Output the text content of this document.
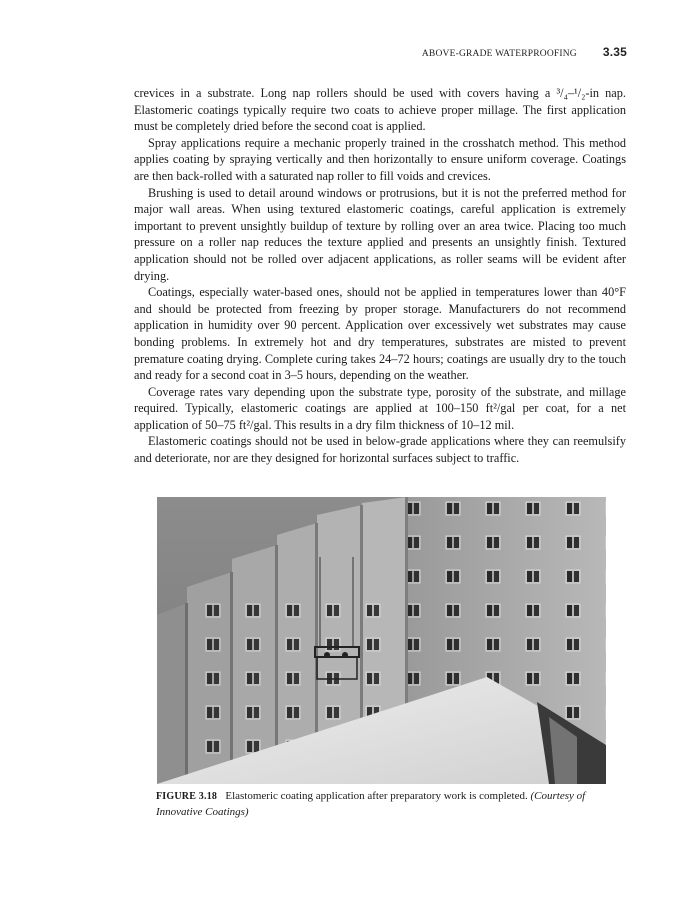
ABOVE-GRADE WATERPROOFING 3.35

crevices in a substrate. Long nap rollers should be used with covers having a ³/₄–¹/₂-in nap. Elastomeric coatings typically require two coats to achieve proper millage. The first application must be completely dried before the second coat is applied.

Spray applications require a mechanic properly trained in the crosshatch method. This method applies coating by spraying vertically and then horizontally to ensure uniform coverage. Coatings are then back-rolled with a saturated nap roller to fill voids and crevices.

Brushing is used to detail around windows or protrusions, but it is not the preferred method for major wall areas. When using textured elastomeric coatings, careful application is extremely important to prevent unsightly buildup of texture by rolling over an area twice. Placing too much pressure on a roller nap reduces the texture applied and presents an unsightly finish. Textured application should not be rolled over adjacent applications, as roller seams will be evident after drying.

Coatings, especially water-based ones, should not be applied in temperatures lower than 40°F and should be protected from freezing by proper storage. Manufacturers do not recommend application in humidity over 90 percent. Application over excessively wet substrates may cause bonding problems. In extremely hot and dry temperatures, substrates are misted to prevent premature coating drying. Complete curing takes 24–72 hours; coatings are usually dry to the touch and ready for a second coat in 3–5 hours, depending on the weather.

Coverage rates vary depending upon the substrate type, porosity of the substrate, and millage required. Typically, elastomeric coatings are applied at 100–150 ft²/gal per coat, for a net application of 50–75 ft²/gal. This results in a dry film thickness of 10–12 mil.

Elastomeric coatings should not be used in below-grade applications where they can reemulsify and deteriorate, nor are they designed for horizontal surfaces subject to traffic.

FIGURE 3.18 Elastomeric coating application after preparatory work is completed. (Courtesy of Innovative Coatings)
